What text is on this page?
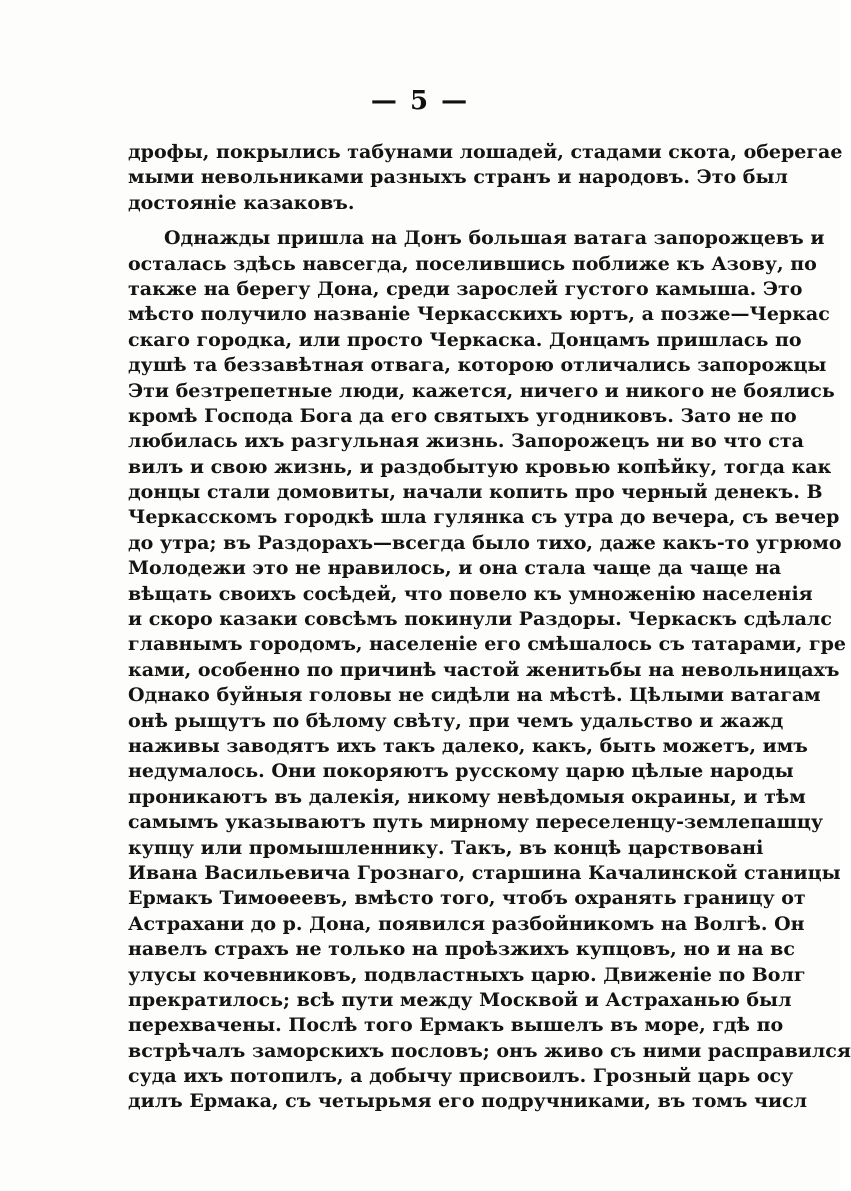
— 5 —
дрофы, покрылись табунами лошадей, стадами скота, оберегае
мыми невольниками разныхъ странъ и народовъ. Это был
достояніе казаковъ.
Однажды пришла на Донъ большая ватага запорожцевъ и
осталась здѣсь навсегда, поселившись поближе къ Азову, по
также на берегу Дона, среди зарослей густого камыша. Это
мѣсто получило названіе Черкасскихъ юртъ, а позже—Черкас
скаго городка, или просто Черкаска. Донцамъ пришлась по
душѣ та беззавѣтная отвага, которою отличались запорожцы
Эти безтрепетные люди, кажется, ничего и никого не боялись
кромѣ Господа Бога да его святыхъ угодниковъ. Зато не по
любилась ихъ разгульная жизнь. Запорожецъ ни во что ста
вилъ и свою жизнь, и раздобытую кровью копѣйку, тогда как
донцы стали домовиты, начали копить про черный денекъ. В
Черкасскомъ городкѣ шла гулянка съ утра до вечера, съ вечер
до утра; въ Раздорахъ—всегда было тихо, даже какъ-то угрюмо
Молодежи это не нравилось, и она стала чаще да чаще на
вѣщать своихъ сосѣдей, что повело къ умноженію населенія
и скоро казаки совсѣмъ покинули Раздоры. Черкаскъ сдѣлалс
главнымъ городомъ, населеніе его смѣшалось съ татарами, гре
ками, особенно по причинѣ частой женитьбы на невольницахъ
Однако буйныя головы не сидѣли на мѣстѣ. Цѣлыми ватагам
онѣ рыщутъ по бѣлому свѣту, при чемъ удальство и жажд
наживы заводятъ ихъ такъ далеко, какъ, быть можетъ, имъ
недумалось. Они покоряютъ русскому царю цѣлые народы
проникаютъ въ далекія, никому невѣдомыя окраины, и тѣм
самымъ указываютъ путь мирному переселенцу-землепашцу
купцу или промышленнику. Такъ, въ концѣ царствовані
Ивана Васильевича Грознаго, старшина Качалинской станицы
Ермакъ Тимоѳеевъ, вмѣсто того, чтобъ охранять границу от
Астрахани до р. Дона, появился разбойникомъ на Волгѣ. Он
навелъ страхъ не только на проѣзжихъ купцовъ, но и на вс
улусы кочевниковъ, подвластныхъ царю. Движеніе по Волг
прекратилось; всѣ пути между Москвой и Астраханью был
перехвачены. Послѣ того Ермакъ вышелъ въ море, гдѣ по
встрѣчалъ заморскихъ пословъ; онъ живо съ ними расправился
суда ихъ потопилъ, а добычу присвоилъ. Грозный царь осу
дилъ Ермака, съ четырьмя его подручниками, въ томъ числ
